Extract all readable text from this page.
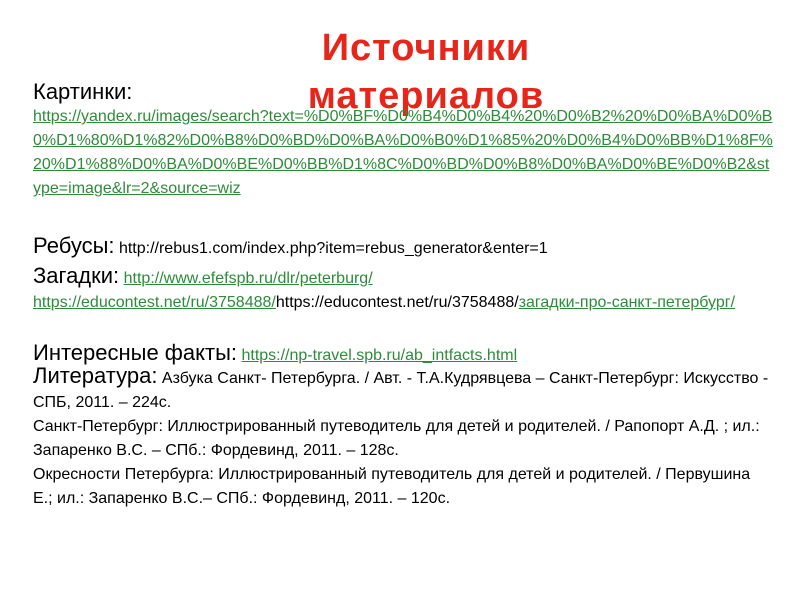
Источники материалов
Картинки:
https://yandex.ru/images/search?text=%D0%BF%D0%B4%D0%B4%20%D0%B2%20%D0%BA%D0%B0%D1%80%D1%82%D0%B8%D0%BD%D0%BA%D0%B0%D1%85%20%D0%B4%D0%BB%D1%8F%20%D1%88%D0%BA%D0%BE%D0%BB%D1%8C%D0%BD%D0%B8%D0%BA%D0%BE%D0%B2&stype=image&lr=2&source=wiz
Ребусы: http://rebus1.com/index.php?item=rebus_generator&enter=1
Загадки: http://www.efefspb.ru/dlr/peterburg/
https://educontest.net/ru/3758488/https://educontest.net/ru/3758488/загадки-про-санкт-петербург/
Интересные факты: https://np-travel.spb.ru/ab_intfacts.html
Литература: Азбука Санкт- Петербурга. / Авт. - Т.А.Кудрявцева – Санкт-Петербург: Искусство - СПБ, 2011. – 224с.
Санкт-Петербург: Иллюстрированный путеводитель для детей и родителей. / Рапопорт А.Д. ; ил.: Запаренко В.С. – СПб.: Фордевинд, 2011. – 128с.
Окресности Петербурга: Иллюстрированный путеводитель для детей и родителей. / Первушина Е.; ил.: Запаренко В.С.– СПб.: Фордевинд, 2011. – 120с.
